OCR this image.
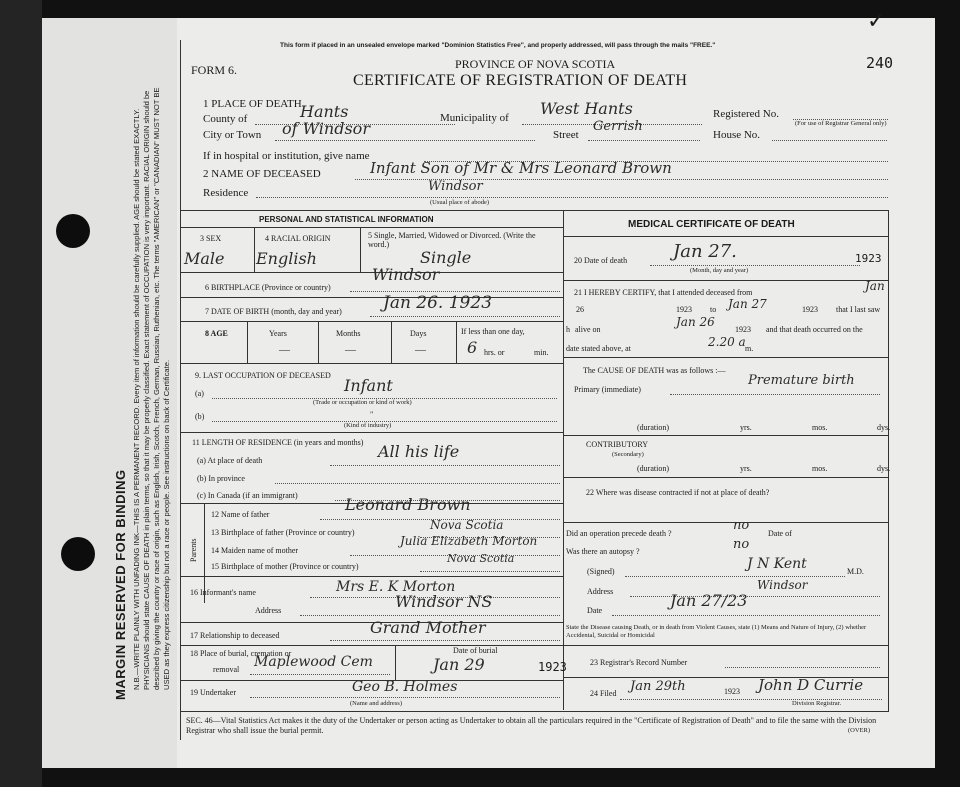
MARGIN RESERVED FOR BINDING N.B.—WRITE PLAINLY WITH UNFADING INK—THIS IS A PERMANENT RECORD. Every item of information should be carefully supplied. AGE should be stated EXACTLY. PHYSICIANS should state CAUSE OF DEATH in plain terms, so that it may be properly classified. Exact statement of OCCUPATION is very important. RACIAL ORIGIN should be described by giving the country or race of origin, such as English, Irish, Scotch, French, German, Russian, Ruthenian, etc. The terms "AMERICAN" or "CANADIAN" MUST NOT BE USED as they express citizenship but not a race or people. See instructions on back of Certificate.
This form if placed in an unsealed envelope marked "Dominion Statistics Free", and properly addressed, will pass through the mails "FREE."
✓
FORM 6.	PROVINCE OF NOVA SCOTIA
CERTIFICATE OF REGISTRATION OF DEATH
240
1 PLACE OF DEATH
County of	Hants	Municipality of West Hants	Registered No.
(For use of Registrar General only)
City or Town of Windsor	Street
Gerrish
House No.
If in hospital or institution, give name
2 NAME OF DECEASED	Infant Son of Mr & Mrs Leonard Brown
Residence	Windsor
(Usual place of abode)
PERSONAL AND STATISTICAL INFORMATION
3 SEX	4 RACIAL ORIGIN	5 Single, Married, Widowed or Divorced. (Write the word.)
Male English	Single
6 BIRTHPLACE (Province or country)
Windsor
7 DATE OF BIRTH (month, day and year) Jan 26. 1923
8 AGE	Years	Months	Days
—	—	—
If less than one day,
6 hrs. or	min.
9. LAST OCCUPATION OF DECEASED
(a)	Infant
(Trade or occupation or kind of work)
(b)	"
(Kind of industry)
11 LENGTH OF RESIDENCE (in years and months)
(a) At place of death	All his life
(b) In province
(c) In Canada (if an immigrant)
Parents
12 Name of father
Leonard Brown
13 Birthplace of father (Province or country)
Nova Scotia
14 Maiden name of mother
Julia Elizabeth Morton
15 Birthplace of mother (Province or country)
Nova Scotia
16 Informant's name	Mrs E. K Morton
Address	Windsor NS
17 Relationship to deceased	Grand Mother
18 Place of burial, cremation or
removal Maplewood Cem
Date of burial
Jan 29	1923
19 Undertaker	Geo B. Holmes
(Name and address)
MEDICAL CERTIFICATE OF DEATH
20 Date of death	Jan 27.	1923
(Month, day and year)
21 I HEREBY CERTIFY, that I attended deceased from	Jan
26	1923 to Jan 27	1923 that I last saw
h alive on
Jan 26
1923 and that death occurred on the
date stated above, at	2.20 a m.
The CAUSE OF DEATH was as follows :—
Primary (immediate)
Premature birth
(duration)	yrs.	mos.	dys.
CONTRIBUTORY
(Secondary)
(duration)	yrs.	mos.	dys.
22 Where was disease contracted if not at place of death?
Did an operation precede death ?
no
Date of
Was there an autopsy ?	no
(Signed)	J N Kent	M.D.
Address	Windsor
Date
Jan 27/23
State the Disease causing Death, or in death from Violent Causes, state (1) Means and Nature of Injury, (2) whether Accidental, Suicidal or Homicidal
23 Registrar's Record Number
24 Filed Jan 29th	1923 John D Currie
Division Registrar.
SEC. 46—Vital Statistics Act makes it the duty of the Undertaker or person acting as Undertaker to obtain all the particulars required in the "Certificate of Registration of Death" and to file the same with the Division Registrar who shall issue the burial permit.	(OVER)
